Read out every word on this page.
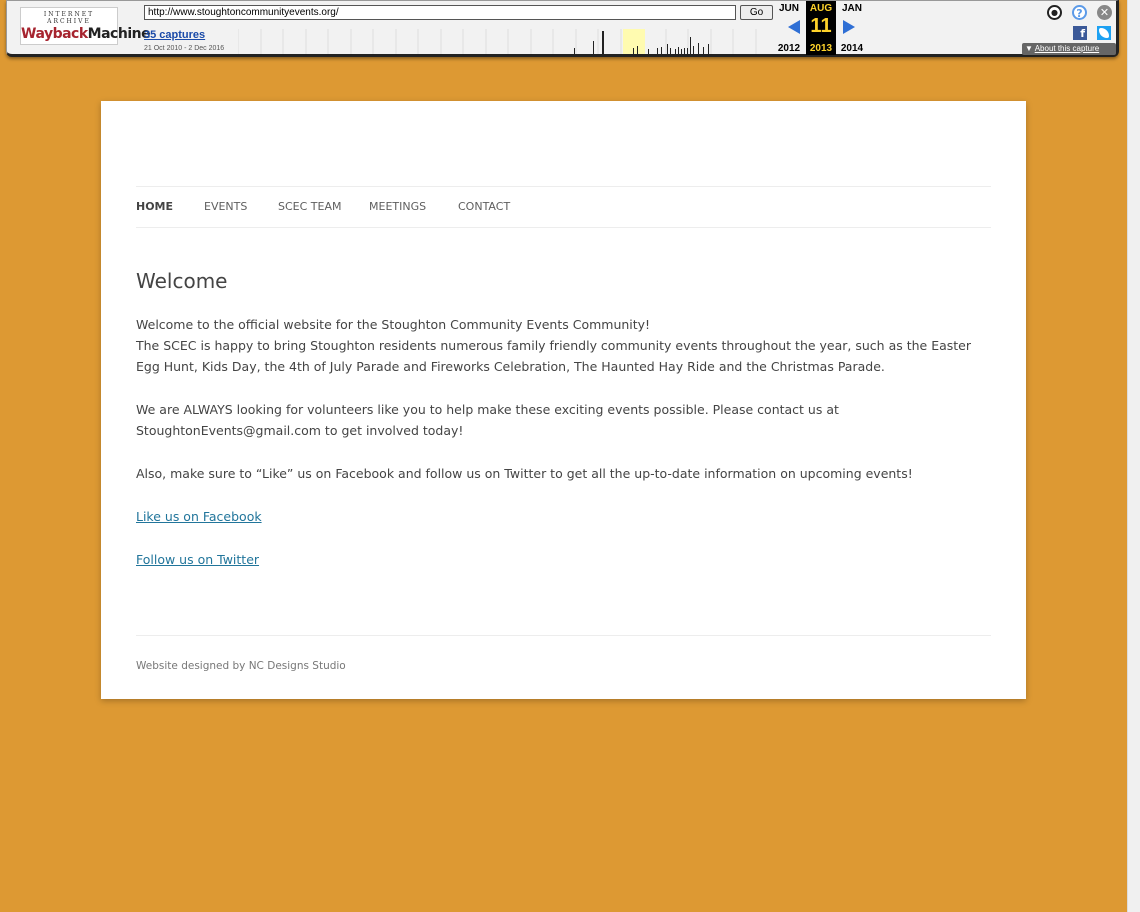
INTERNET ARCHIVE
WaybackMachine
http://www.stoughtoncommunityevents.org/	Go
35 captures
21 Oct 2010 - 2 Dec 2016
JUN	AUG JAN
11
2012 2013 2014
●	?	✕
f
▼ About this capture
HOME	EVENTS	SCEC TEAM	MEETINGS	CONTACT
Welcome

Welcome to the official website for the Stoughton Community Events Community!

The SCEC is happy to bring Stoughton residents numerous family friendly community events throughout the year, such as the Easter Egg Hunt, Kids Day, the 4th of July Parade and Fireworks Celebration, The Haunted Hay Ride and the Christmas Parade.

We are ALWAYS looking for volunteers like you to help make these exciting events possible. Please contact us at StoughtonEvents@gmail.com to get involved today!

Also, make sure to “Like” us on Facebook and follow us on Twitter to get all the up-to-date information on upcoming events!

Like us on Facebook
Follow us on Twitter
Website designed by NC Designs Studio
